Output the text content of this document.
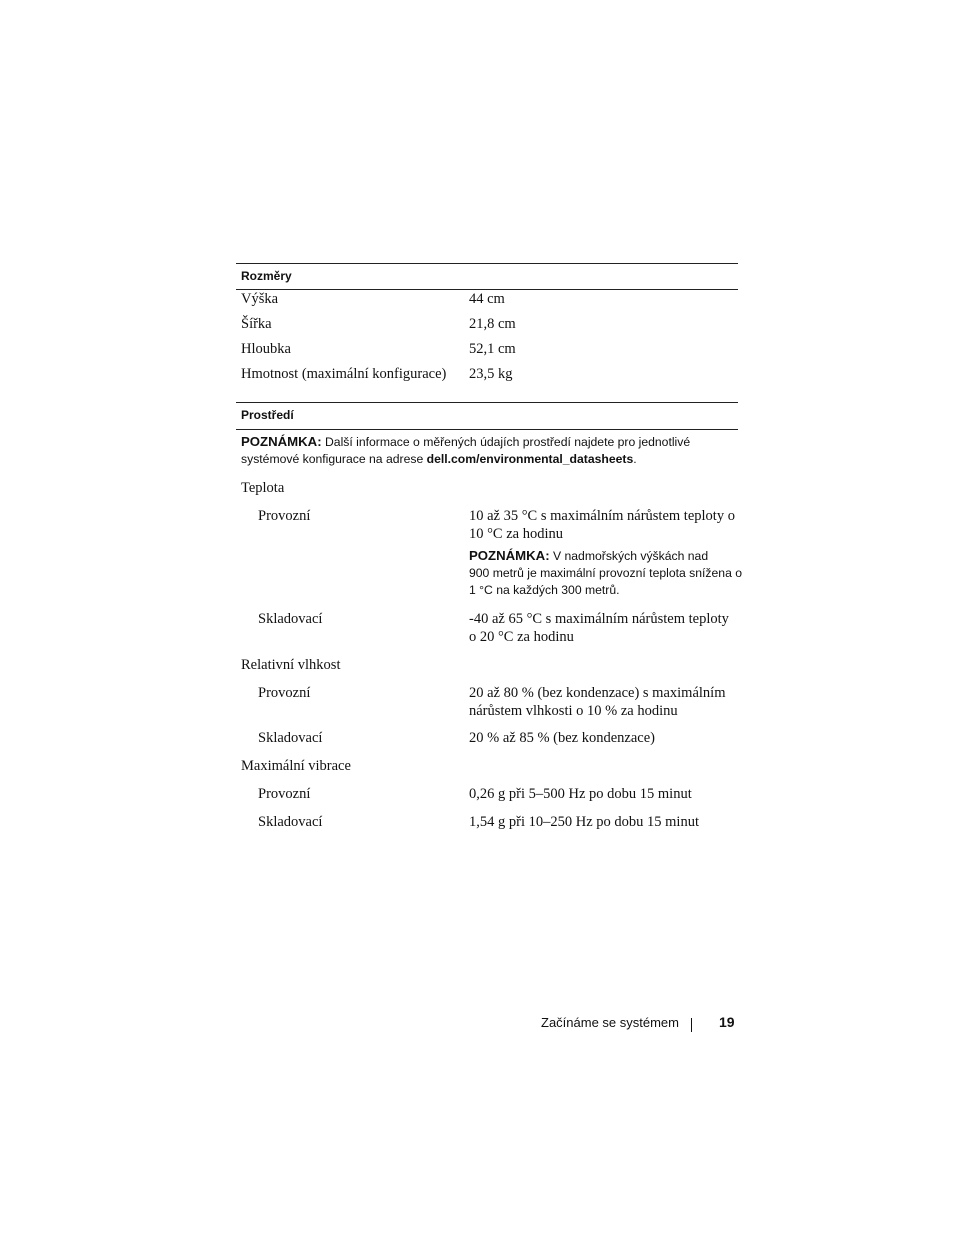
Rozměry
Výška	44 cm
Šířka	21,8 cm
Hloubka	52,1 cm
Hmotnost (maximální konfigurace) 23,5 kg
Prostředí
POZNÁMKA: Další informace o měřených údajích prostředí najdete pro jednotlivé
systémové konfigurace na adrese dell.com/environmental_datasheets.
Teplota
Provozní	10 až 35 °C s maximálním nárůstem teploty o
10 °C za hodinu
POZNÁMKA: V nadmořských výškách nad
900 metrů je maximální provozní teplota snížena o
1 °C na každých 300 metrů.
Skladovací	-40 až 65 °C s maximálním nárůstem teploty
o 20 °C za hodinu
Relativní vlhkost
Provozní	20 až 80 % (bez kondenzace) s maximálním
nárůstem vlhkosti o 10 % za hodinu
Skladovací	20 % až 85 % (bez kondenzace)
Maximální vibrace
Provozní	0,26 g při 5–500 Hz po dobu 15 minut
Skladovací	1,54 g při 10–250 Hz po dobu 15 minut
Začínáme se systémem	19
